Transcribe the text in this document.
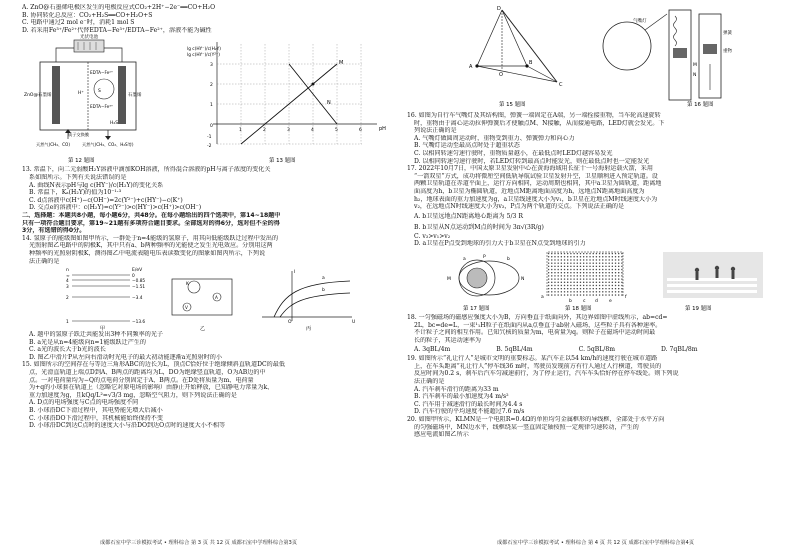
A. ZnO@石墨烯电极区发生的电极反应式CO₂+2H⁺−2e⁻══CO+H₂O
B. 协同转化总反应：CO₂+H₂S══CO+H₂O+S
C. 电路中通过2 mol e⁻时，消耗1 mol S
D. 若采用Fe³⁺/Fe²⁺代替EDTA−Fe³⁺/EDTA−Fe²⁺，溶液不能为碱性
光伏电池
ZnO@石墨烯
EDTA−Fe²⁺
EDTA−Fe³⁺
石墨烯
H₂S
S
H⁺
天然气(CH₄、CO)	天然气(CH₄、CO₂、H₂S等)
质子交换膜
第 12 题图
M
N
lg c(HY⁻)/c(H₂Y)
lg c(HY⁻)/c(Y²⁻)
pH
3
2
1
0
-1
-2
1	2	3	4	5	6
第 13 题图
13. 常温下，向二元弱酸H₂Y溶液中滴加KOH溶液，所得混合溶液的pH与离子浓度的变化关
系如图所示。下列有关说法错误的是
A. 曲线N表示pH与lg c(HY⁻)/c(H₂Y)的变化关系
B. 常温下，Kₐ(H₂Y)的值为10⁻¹·³
C. d点溶液中c(H⁺)−c(OH⁻)=2c(Y²⁻)+c(HY⁻)−c(K⁺)
D. 交点e的溶液中：c(H₂Y)=c(Y²⁻)>c(HY⁻)>c(H⁺)>c(OH⁻)
二、选择题：本题共8小题，每小题6分，共48分。在每小题给出的四个选项中，第14~18题中
只有一项符合题目要求，第19~21题有多项符合题目要求。全部选对的得6分，选对但不全的得
3分，有选错的得0分。
14. 氢原子的能级图如图甲所示，一群处于n=4能级的氢原子，用其向低能级跃迁过程中发出的
光照射图乙电路中的阴极K，其中只有a、b两种频率的光能使之发生光电效应。分别用这两
种频率的光照射阴极K，测得图乙中电流表随电压表读数变化的图象如图丙所示，下列说
法正确的是
n	E/eV
∞
4
3
2
1
0
−0.85
−1.51
−3.4
−13.6
甲
A
V
K
乙
a
b
I
U
O
丙
A. 题中的氢原子跃迁共能发出3种不同频率的光子
B. a光是从n=4能级向n=1能级跃迁产生的
C. a光的波长大于b光的波长
D. 图乙中滑片P从左向右滑动时光电子的最大初动能逐渐a光照射时的小
15. 如图所示的空间存在与等边三角形ABC的边长为L，顶点C恰好位于绝缘倾斜直轨道DC的最低
点，光滑直轨道上端点D到A、B两点的距离均为L，DO为绝缘竖直轨道，O为AB边的中
点。一对电荷量均为−Q的点电荷分别固定于A、B两点。在D处将质量为m、电荷量
为+q的小球套在轨道上（忽略它对原电场的影响）由静止开始释放，已知静电力常量为k、
重力加速度为g，且kQq/L²=√3/3 mg，忽略空气阻力，则下列说法正确的是
A. D点的电场强度与C点的电场强度不同
B. 小球沿DC下滑过程中，其电势能先增大后减小
C. 小球沿DO下滑过程中，其机械能始终保持不变
D. 小球沿DC到达C点时的速度大小与沿DO到达O点时的速度大小不相等
成都石室中学三诊模拟考试 • 理科综合 第 3 页 共 12 页 成都石室中学理科综合第3页
D
A
B
C
O
第 15 题图
气嘴灯
M
N
弹簧
重物
第 16 题图
16. 如图为自行车气嘴灯及其结构图，弹簧一端固定在A端，另一端拴接重物，当车轮高速旋转
时，重物由于离心运动拉伸弹簧后才使触点M、N接触，从而接通电路，LED灯就会发光。下
列说法正确的是
A. 气嘴灯做圆周运动时，重物受到重力、弹簧弹力和向心力
B. 气嘴灯运动至最高点时处于超重状态
C. 以相同转速匀速行驶时，重物质量越小，在最低点时LED灯越容易发光
D. 以相同转速匀速行驶时，若LED灯转到最高点时能发光，则在最低点时也一定能发光
17. 2022年10月7日，中国太原卫星发射中心在黄海海域用长征十一号海射运载火箭，采用
“一箭双星”方式，成功将微厘空间低轨导航试验卫星发射升空，卫星顺利进入预定轨道。设
两颗卫星轨道在赤道平面上，运行方向相同，运动周期也相同，其中a卫星为圆轨道，距离地
面高度为h，b卫星为椭圆轨道，近地点M距离地面高度为h，远地点N距离地面高度为
h₂，地球表面的重力加速度为g，a卫星线速度大小为v₁，b卫星在近地点M时线速度大小为
v₂，在远地点N时线速度大小为v₃，P点为两个轨道的交点。下列说法正确的是
A. b卫星远地点N距离地心距离为 5/3 R
B. b卫星从N点运动到M点的时间为 3π√(3R/g)
C. v₃>v₁>v₂
D. a卫星在P点受到地球的引力大于b卫星在N点受到地球的引力
M	N
P
a	b
第 17 题图
a
b c d e
f
第 18 题图	第 19 题图
18. 一匀强磁场的磁感应强度大小为B，方向垂直于纸面向外，其边界如图中虚线所示，ab=cd=
2L，bc=de=L，一束¹₁H粒子在纸面内从a点垂直于ab射入磁场，这些粒子具有各种速率。
不计粒子之间的相互作用。已知氕核的质量为m，电荷量为q。则粒子在磁场中运动时间最
长的粒子，其运动速率为
A. 3qBL/4m	B. 5qBL/4m	C. 5qBL/8m	D. 7qBL/8m
19. 如图所示“礼让行人”是城市文明的重要标志。某汽车正以54 km/h的速度行驶在城市道路
上，在车头距离“礼让行人”停车线36 m时，驾驶员发现前方有行人通过人行横道，驾驶员的
反应时间为0.2 s，刹车后汽车匀减速前行，为了停止运行，汽车车头恰好停在停车线处。则下列说
法正确的是
A. 汽车刹车滑行的距离为33 m
B. 汽车刹车的最小加速度为4 m/s²
C. 汽车用于减速滑行的最长时间为4.4 s
D. 汽车行驶的平均速度不能超过7.6 m/s
20. 如图甲所示，KLMN是一个电阻R=0.4Ω的单匝均匀金属框形的导线框，全部处于水平方向
的匀强磁场中，MN边水平，线框绕某一竖直固定轴按照一定规律匀速转动，产生的
感应电流如图乙所示
成都石室中学三诊模拟考试 • 理科综合 第 4 页 共 12 页 成都石室中学理科综合第4页
